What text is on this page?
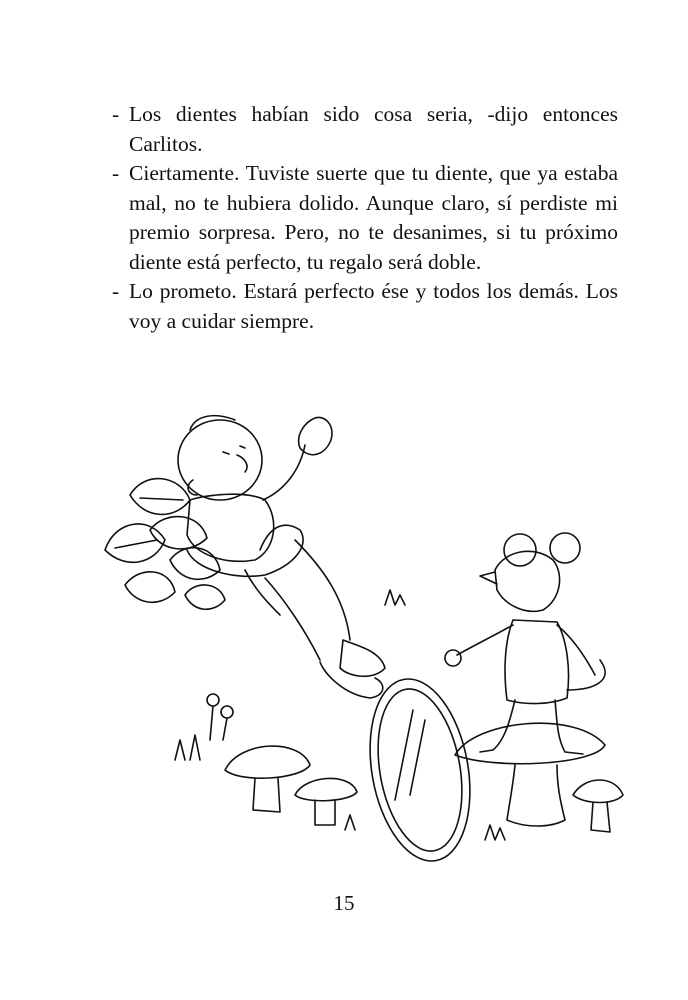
- Los dientes habían sido cosa seria, -dijo entonces Carlitos.

- Ciertamente. Tuviste suerte que tu diente, que ya estaba mal, no te hubiera dolido. Aunque claro, sí perdiste mi premio sorpresa. Pero, no te desanimes, si tu próximo diente está perfecto, tu regalo será doble.

- Lo prometo. Estará perfecto ése y todos los demás. Los voy a cuidar siempre.

15
